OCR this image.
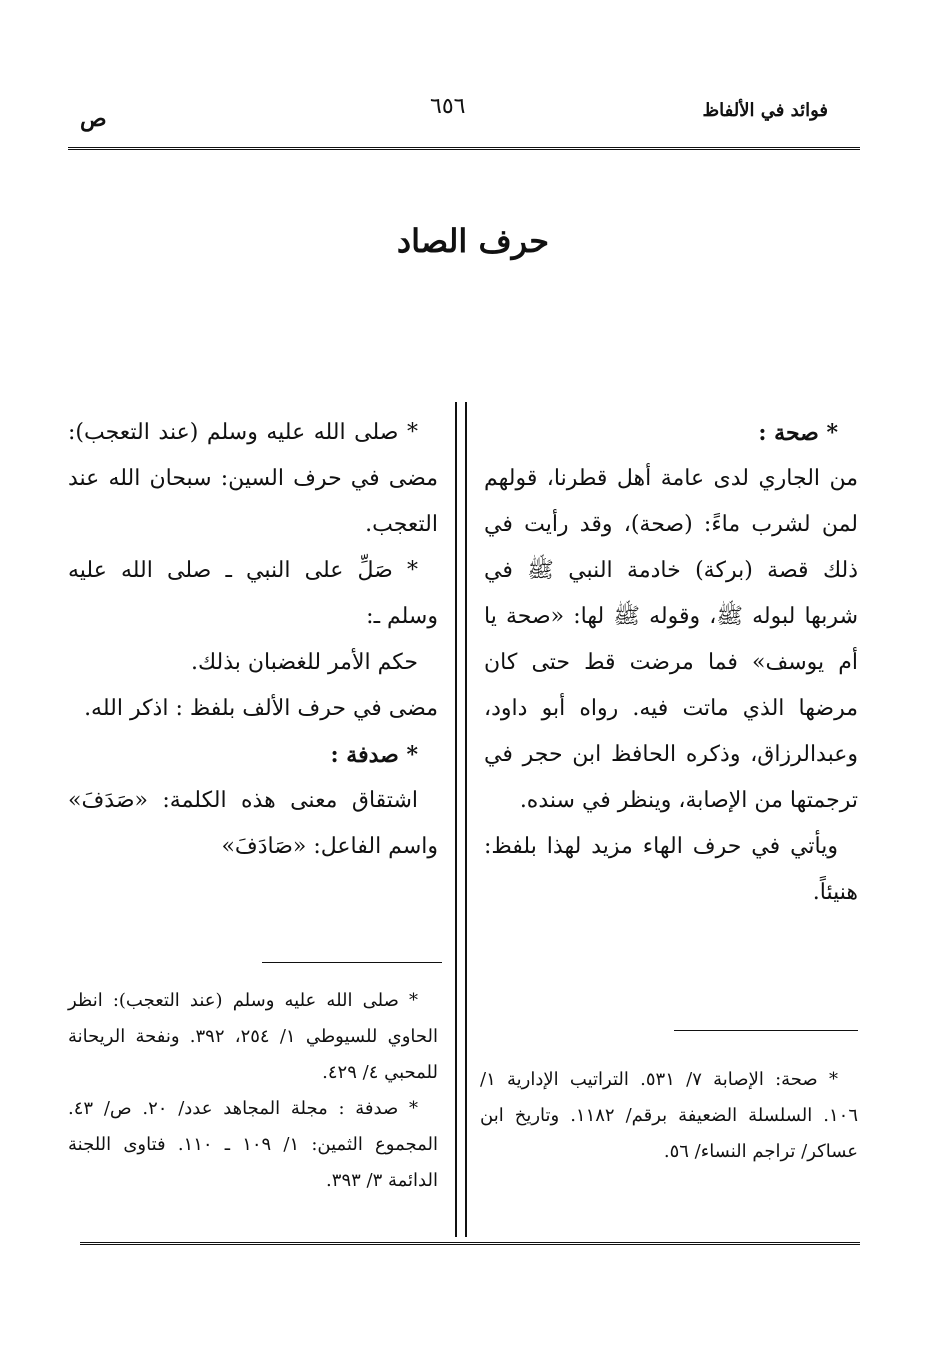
فوائد في الألفاظ
٦٥٦
ص
حرف الصاد

* صحة :

من الجاري لدى عامة أهل قطرنا، قولهم لمن لشرب ماءً: (صحة)، وقد رأيت في ذلك قصة (بركة) خادمة النبي ﷺ في شربها لبوله ﷺ، وقوله ﷺ لها: «صحة يا أم يوسف» فما مرضت قط حتى كان مرضها الذي ماتت فيه. رواه أبو داود، وعبدالرزاق، وذكره الحافظ ابن حجر في ترجمتها من الإصابة، وينظر في سنده.

ويأتي في حرف الهاء مزيد لهذا بلفظ: هنيئاً.

* صلى الله عليه وسلم (عند التعجب): مضى في حرف السين: سبحان الله عند التعجب.

* صَلِّ على النبي ـ صلى الله عليه وسلم ـ:

حكم الأمر للغضبان بذلك.

مضى في حرف الألف بلفظ : اذكر الله.

* صدفة :

اشتقاق معنى هذه الكلمة: «صَدَفَ» واسم الفاعل: «صَادَفَ»

* صلى الله عليه وسلم (عند التعجب): انظر الحاوي للسيوطي ١/ ٢٥٤، ٣٩٢. ونفحة الريحانة للمحبي ٤/ ٤٢٩.

* صدفة : مجلة المجاهد عدد/ ٢٠. ص/ ٤٣. المجموع الثمين: ١/ ١٠٩ ـ ١١٠. فتاوى اللجنة الدائمة ٣/ ٣٩٣.

* صحة: الإصابة ٧/ ٥٣١. التراتيب الإدارية ١/ ١٠٦. السلسلة الضعيفة برقم/ ١١٨٢. وتاريخ ابن عساكر/ تراجم النساء/ ٥٦.
